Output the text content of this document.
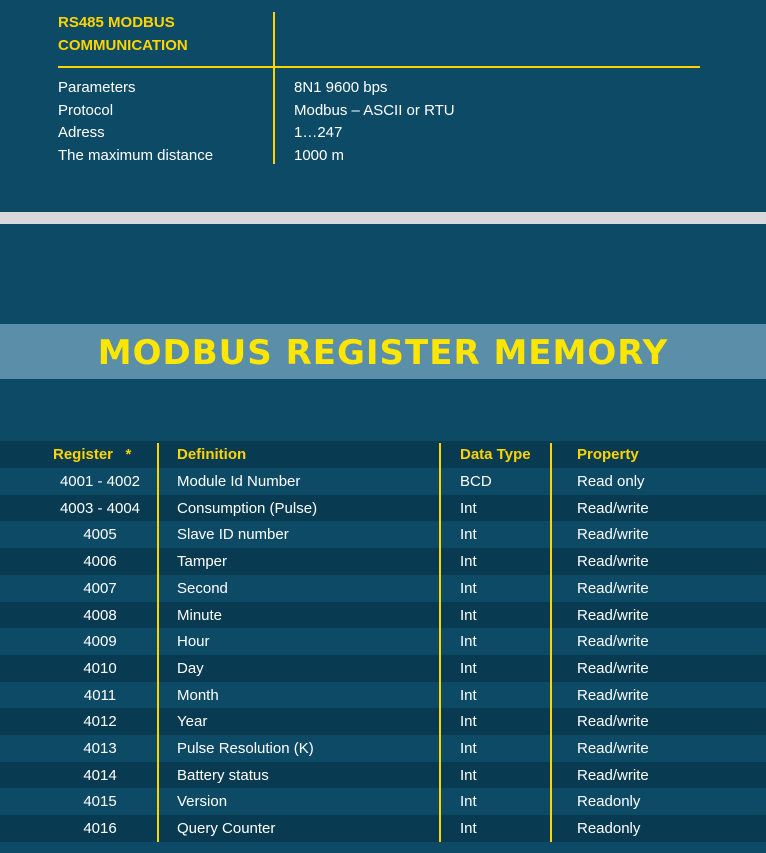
RS485 MODBUS
COMMUNICATION
Parameters	8N1 9600 bps
Protocol	Modbus – ASCII or RTU
Adress	1…247
The maximum distance	1000 m
MODBUS REGISTER MEMORY
Register   *	Definition	Data Type	Property
4001 - 4002	Module Id Number	BCD	Read only
4003 - 4004	Consumption (Pulse)	Int	Read/write
4005	Slave ID number	Int	Read/write
4006	Tamper	Int	Read/write
4007	Second	Int	Read/write
4008	Minute	Int	Read/write
4009	Hour	Int	Read/write
4010	Day	Int	Read/write
4011	Month	Int	Read/write
4012	Year	Int	Read/write
4013	Pulse Resolution (K)	Int	Read/write
4014	Battery status	Int	Read/write
4015	Version	Int	Readonly
4016	Query Counter	Int	Readonly
